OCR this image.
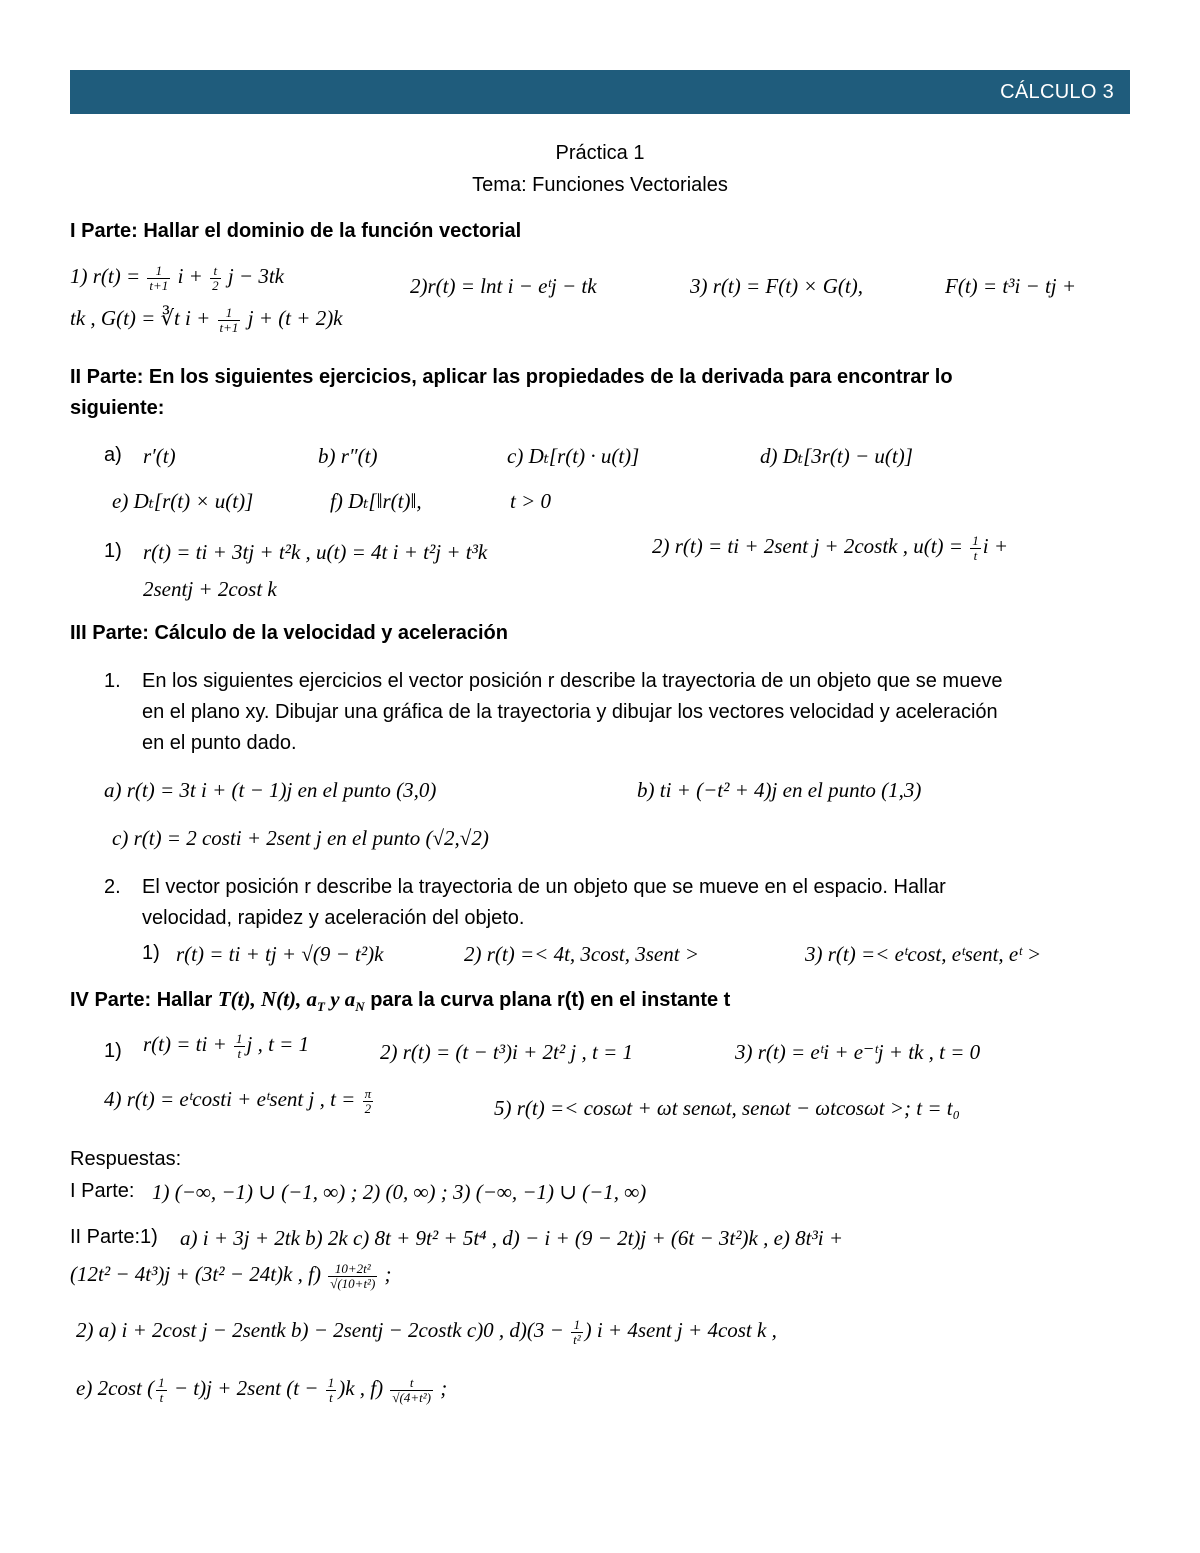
CÁLCULO 3
Práctica 1
Tema: Funciones Vectoriales
I Parte: Hallar el dominio de la función vectorial
1) $r(t) = \frac{1}{t+1}$ $i + \frac{t}{2}$ j − 3tk	2)r(t) = lnt i − eᵗj − tk	3) r(t) = F(t) × G(t),	F(t) = t³i − tj +
tk , G(t) = ∛t $i + \frac{1}{t+1}$ j + (t + 2)k
II Parte: En los siguientes ejercicios, aplicar las propiedades de la derivada para encontrar lo
siguiente:
a) r′(t)	b) r″(t)	c) Dₜ[r(t) · u(t)]	d) Dₜ[3r(t) − u(t)]
e) Dₜ[r(t) × u(t)]	f) Dₜ[‖r(t)‖,	t > 0
1) r(t) = ti + 3tj + t²k , u(t) = 4t i + t²j + t³k	2) r(t) = ti + 2sent j + 2costk , $u(t) = \frac{1}{t}$ i +
2sentj + 2cost k
III Parte: Cálculo de la velocidad y aceleración
1. En los siguientes ejercicios el vector posición r describe la trayectoria de un objeto que se mueve
en el plano xy. Dibujar una gráfica de la trayectoria y dibujar los vectores velocidad y aceleración
en el punto dado.
a) r(t) = 3t i + (t − 1)j en el punto (3,0)	b) ti + (−t² + 4)j en el punto (1,3)
c) r(t) = 2 costi + 2sent j en el punto (√2,√2)
2. El vector posición r describe la trayectoria de un objeto que se mueve en el espacio. Hallar
velocidad, rapidez y aceleración del objeto.
1) r(t) = ti + tj + √(9 − t²)k	2) r(t) =< 4t, 3cost, 3sent >	3) r(t) =< eᵗcost, eᵗsent, eᵗ >
IV Parte: Hallar T(t), N(t), $a_T$ y $a_N$ para la curva plana r(t) en el instante t
1) r(t) = ti + $\frac{1}{t}$ j , t = 1	2) r(t) = (t − t³)i + 2t² j , t = 1	3) r(t) = eᵗi + e⁻ᵗj + tk , t = 0
4) r(t) = eᵗcosti + eᵗsent j , $t = \frac{\pi}{2}$	5) r(t) =< cosωt + ωt senωt, senωt − ωtcosωt >; t = t₀
Respuestas:
I Parte: 1) (−∞, −1) ∪ (−1, ∞) ; 2) (0, ∞) ; 3) (−∞, −1) ∪ (−1, ∞)
II Parte:1) a) i + 3j + 2tk b) 2k c) 8t + 9t² + 5t⁴ , d) − i + (9 − 2t)j + (6t − 3t²)k , e) 8t³i +
(12t² − 4t³)j + (3t² − 24t)k , $f) \frac{\text{10+2t²}}{\text{√(10+t²)}}$ ;
2) a) i + 2cost j − 2sentk b) − 2sentj − 2costk c)0 , $d)(3 - \frac{1}{\text{t²}}$ ) i + 4sent j + 4cost k ,
e) 2cost ( $\frac{1}{t} - t)j$ + 2sent $(t - \frac{1}{t} )k$ , $f) \frac{t}{\text{√(4+t²)}}$ ;
